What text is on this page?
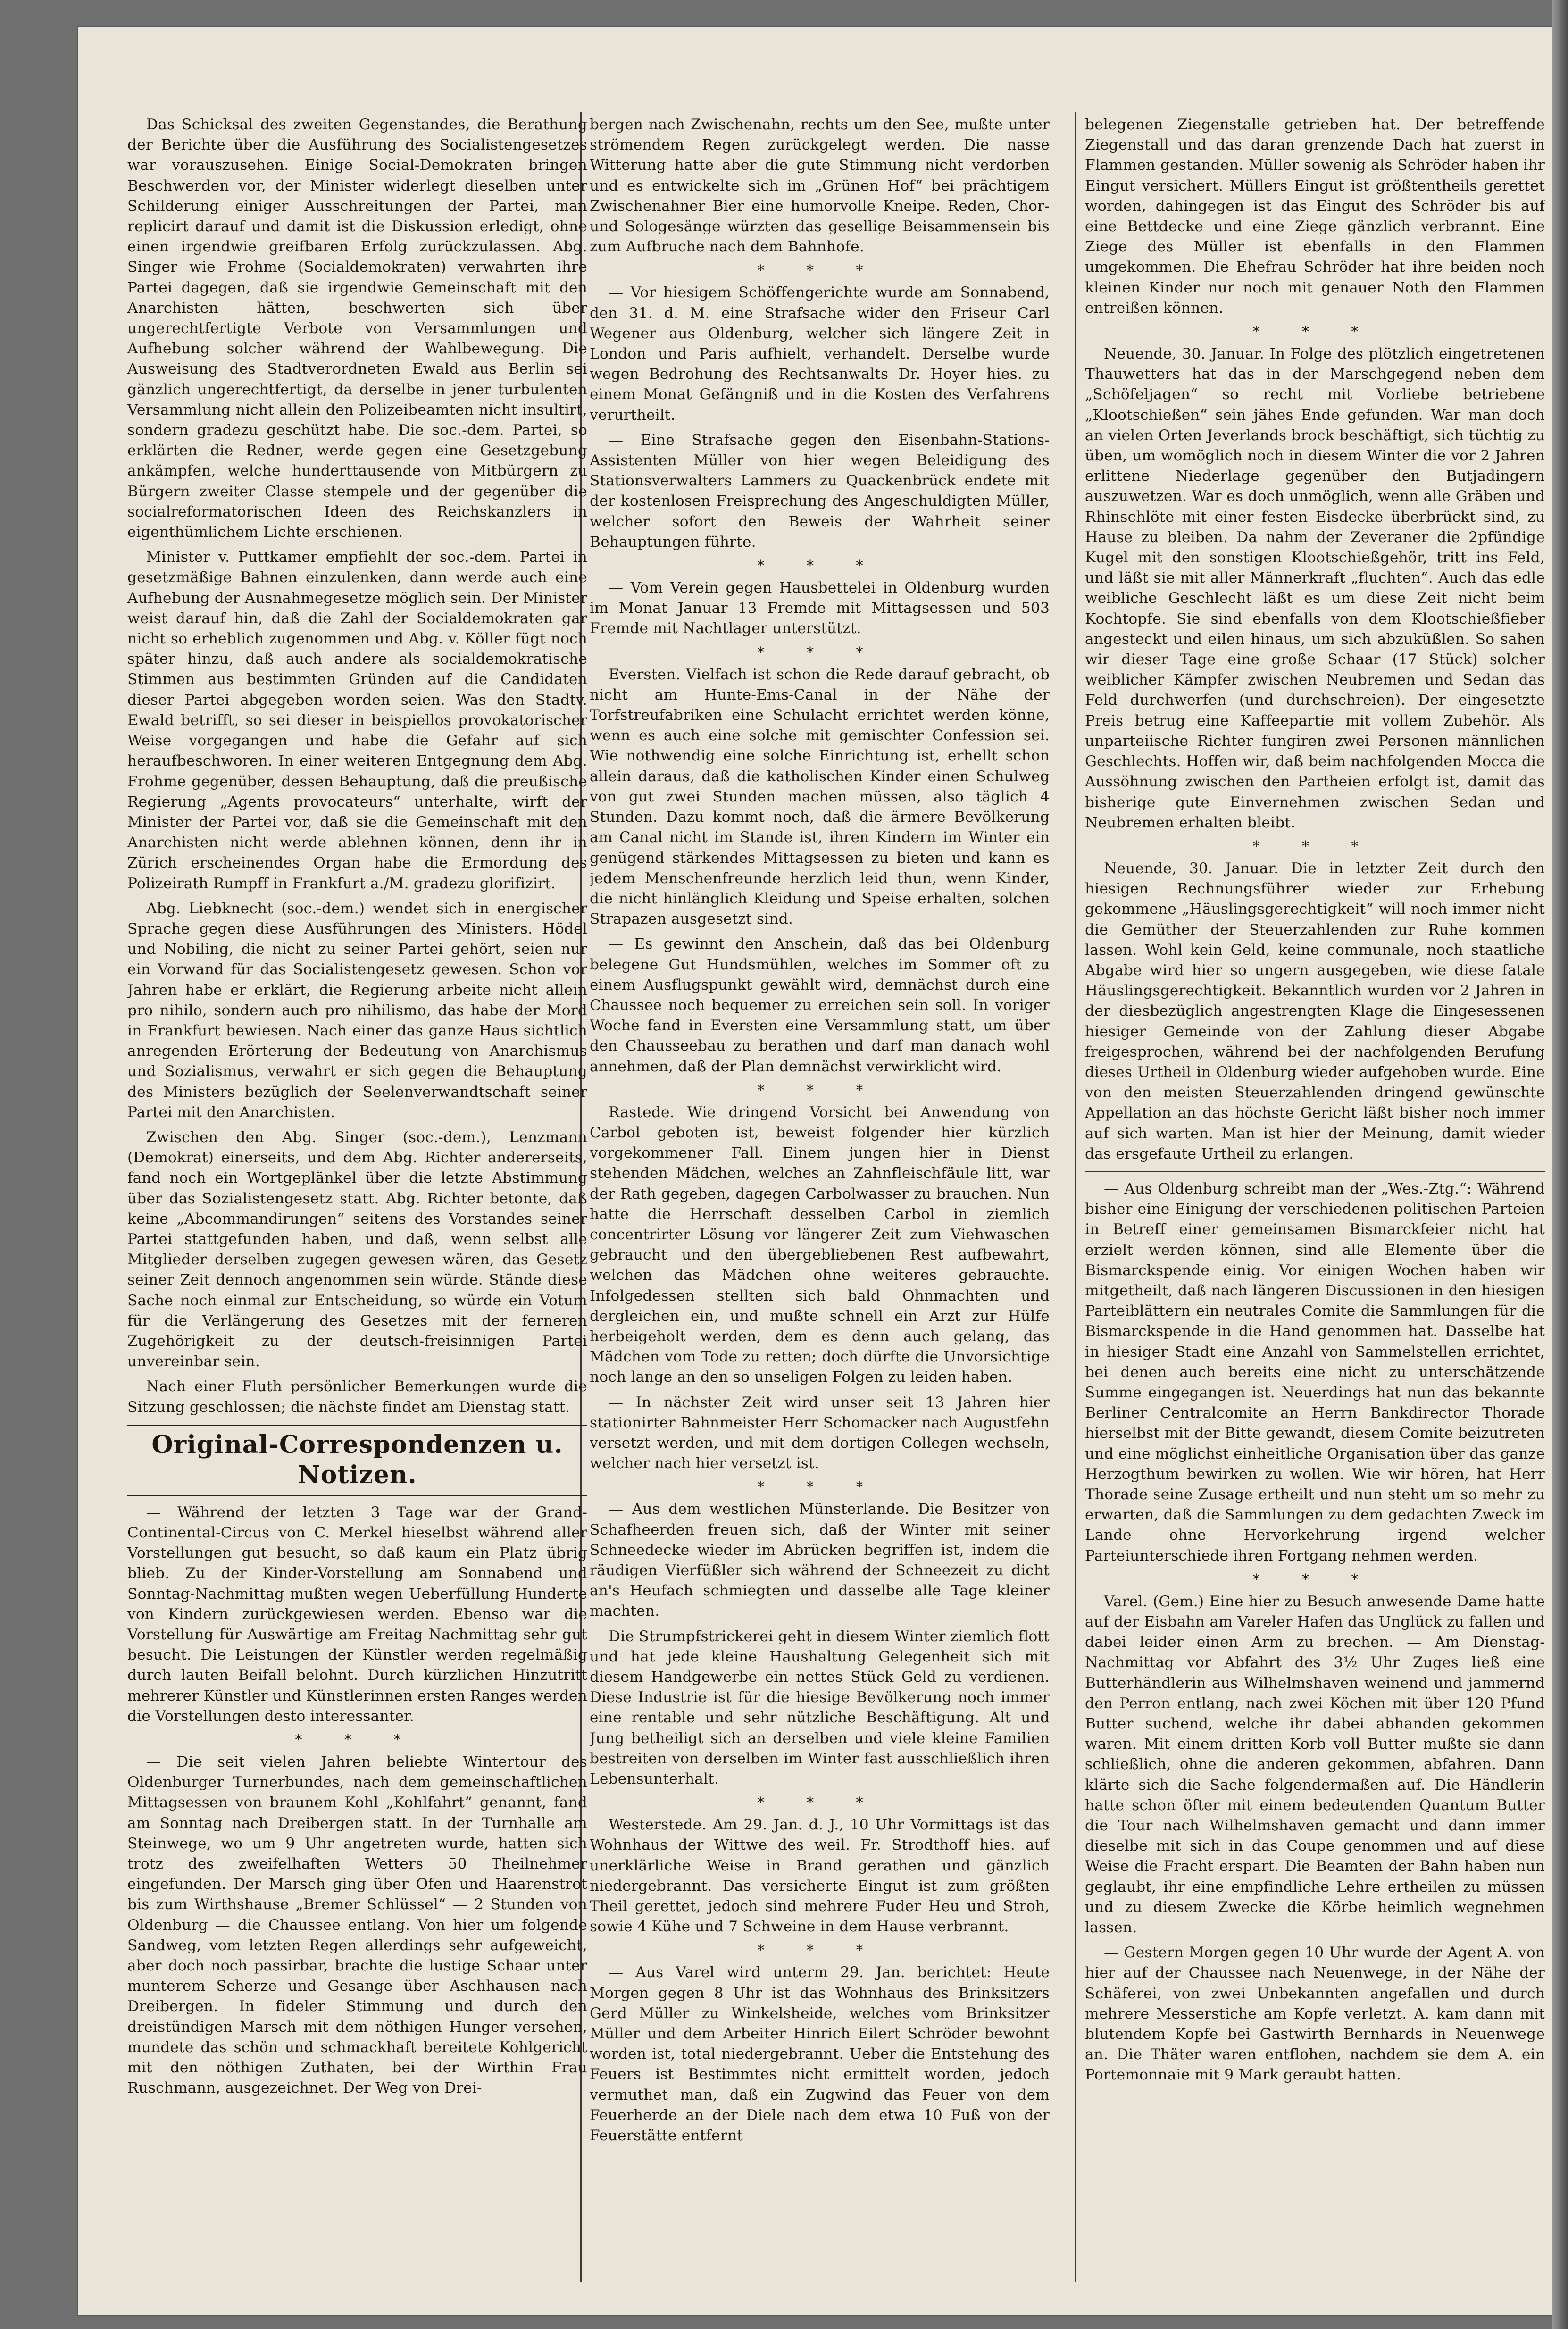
Das Schicksal des zweiten Gegenstandes, die Berathung der Berichte über die Ausführung des Socialistengesetzes war vorauszusehen. Einige Social-Demokraten bringen Beschwerden vor, der Minister widerlegt dieselben unter Schilderung einiger Ausschreitungen der Partei, man replicirt darauf und damit ist die Diskussion erledigt, ohne einen irgendwie greifbaren Erfolg zurückzulassen. Abg. Singer wie Frohme (Socialdemokraten) verwahrten ihre Partei dagegen, daß sie irgendwie Gemeinschaft mit den Anarchisten hätten, beschwerten sich über ungerechtfertigte Verbote von Versammlungen und Aufhebung solcher während der Wahlbewegung. Die Ausweisung des Stadtverordneten Ewald aus Berlin sei gänzlich ungerechtfertigt, da derselbe in jener turbulenten Versammlung nicht allein den Polizeibeamten nicht insultirt, sondern gradezu geschützt habe. Die soc.-dem. Partei, so erklärten die Redner, werde gegen eine Gesetzgebung ankämpfen, welche hunderttausende von Mitbürgern zu Bürgern zweiter Classe stempele und der gegenüber die socialreformatorischen Ideen des Reichskanzlers in eigenthümlichem Lichte erschienen.

Minister v. Puttkamer empfiehlt der soc.-dem. Partei in gesetzmäßige Bahnen einzulenken, dann werde auch eine Aufhebung der Ausnahmegesetze möglich sein. Der Minister weist darauf hin, daß die Zahl der Socialdemokraten gar nicht so erheblich zugenommen und Abg. v. Köller fügt noch später hinzu, daß auch andere als socialdemokratische Stimmen aus bestimmten Gründen auf die Candidaten dieser Partei abgegeben worden seien. Was den Stadtv. Ewald betrifft, so sei dieser in beispiellos provokatorischer Weise vorgegangen und habe die Gefahr auf sich heraufbeschworen. In einer weiteren Entgegnung dem Abg. Frohme gegenüber, dessen Behauptung, daß die preußische Regierung „Agents provocateurs“ unterhalte, wirft der Minister der Partei vor, daß sie die Gemeinschaft mit den Anarchisten nicht werde ablehnen können, denn ihr in Zürich erscheinendes Organ habe die Ermordung des Polizeirath Rumpff in Frankfurt a./M. gradezu glorifizirt.

Abg. Liebknecht (soc.-dem.) wendet sich in energischer Sprache gegen diese Ausführungen des Ministers. Hödel und Nobiling, die nicht zu seiner Partei gehört, seien nur ein Vorwand für das Socialistengesetz gewesen. Schon vor Jahren habe er erklärt, die Regierung arbeite nicht allein pro nihilo, sondern auch pro nihilismo, das habe der Mord in Frankfurt bewiesen. Nach einer das ganze Haus sichtlich anregenden Erörterung der Bedeutung von Anarchismus und Sozialismus, verwahrt er sich gegen die Behauptung des Ministers bezüglich der Seelenverwandtschaft seiner Partei mit den Anarchisten.

Zwischen den Abg. Singer (soc.-dem.), Lenzmann (Demokrat) einerseits, und dem Abg. Richter andererseits, fand noch ein Wortgeplänkel über die letzte Abstimmung über das Sozialistengesetz statt. Abg. Richter betonte, daß keine „Abcommandirungen“ seitens des Vorstandes seiner Partei stattgefunden haben, und daß, wenn selbst alle Mitglieder derselben zugegen gewesen wären, das Gesetz seiner Zeit dennoch angenommen sein würde. Stände diese Sache noch einmal zur Entscheidung, so würde ein Votum für die Verlängerung des Gesetzes mit der ferneren Zugehörigkeit zu der deutsch-freisinnigen Partei unvereinbar sein.

Nach einer Fluth persönlicher Bemerkungen wurde die Sitzung geschlossen; die nächste findet am Dienstag statt.

Original-Correspondenzen u. Notizen.

— Während der letzten 3 Tage war der Grand-Continental-Circus von C. Merkel hieselbst während aller Vorstellungen gut besucht, so daß kaum ein Platz übrig blieb. Zu der Kinder-Vorstellung am Sonnabend und Sonntag-Nachmittag mußten wegen Ueberfüllung Hunderte von Kindern zurückgewiesen werden. Ebenso war die Vorstellung für Auswärtige am Freitag Nachmittag sehr gut besucht. Die Leistungen der Künstler werden regelmäßig durch lauten Beifall belohnt. Durch kürzlichen Hinzutritt mehrerer Künstler und Künstlerinnen ersten Ranges werden die Vorstellungen desto interessanter.

* * *

— Die seit vielen Jahren beliebte Wintertour des Oldenburger Turnerbundes, nach dem gemeinschaftlichen Mittagsessen von braunem Kohl „Kohlfahrt“ genannt, fand am Sonntag nach Dreibergen statt. In der Turnhalle am Steinwege, wo um 9 Uhr angetreten wurde, hatten sich trotz des zweifelhaften Wetters 50 Theilnehmer eingefunden. Der Marsch ging über Ofen und Haarenstrot bis zum Wirthshause „Bremer Schlüssel“ — 2 Stunden von Oldenburg — die Chaussee entlang. Von hier um folgende Sandweg, vom letzten Regen allerdings sehr aufgeweicht, aber doch noch passirbar, brachte die lustige Schaar unter munterem Scherze und Gesange über Aschhausen nach Dreibergen. In fideler Stimmung und durch den dreistündigen Marsch mit dem nöthigen Hunger versehen, mundete das schön und schmackhaft bereitete Kohlgericht mit den nöthigen Zuthaten, bei der Wirthin Frau Ruschmann, ausgezeichnet. Der Weg von Drei-

bergen nach Zwischenahn, rechts um den See, mußte unter strömendem Regen zurückgelegt werden. Die nasse Witterung hatte aber die gute Stimmung nicht verdorben und es entwickelte sich im „Grünen Hof“ bei prächtigem Zwischenahner Bier eine humorvolle Kneipe. Reden, Chor- und Sologesänge würzten das gesellige Beisammensein bis zum Aufbruche nach dem Bahnhofe.

* * *

— Vor hiesigem Schöffengerichte wurde am Sonnabend, den 31. d. M. eine Strafsache wider den Friseur Carl Wegener aus Oldenburg, welcher sich längere Zeit in London und Paris aufhielt, verhandelt. Derselbe wurde wegen Bedrohung des Rechtsanwalts Dr. Hoyer hies. zu einem Monat Gefängniß und in die Kosten des Verfahrens verurtheilt.

— Eine Strafsache gegen den Eisenbahn-Stations-Assistenten Müller von hier wegen Beleidigung des Stationsverwalters Lammers zu Quackenbrück endete mit der kostenlosen Freisprechung des Angeschuldigten Müller, welcher sofort den Beweis der Wahrheit seiner Behauptungen führte.

* * *

— Vom Verein gegen Hausbettelei in Oldenburg wurden im Monat Januar 13 Fremde mit Mittagsessen und 503 Fremde mit Nachtlager unterstützt.

* * *

Eversten. Vielfach ist schon die Rede darauf gebracht, ob nicht am Hunte-Ems-Canal in der Nähe der Torfstreufabriken eine Schulacht errichtet werden könne, wenn es auch eine solche mit gemischter Confession sei. Wie nothwendig eine solche Einrichtung ist, erhellt schon allein daraus, daß die katholischen Kinder einen Schulweg von gut zwei Stunden machen müssen, also täglich 4 Stunden. Dazu kommt noch, daß die ärmere Bevölkerung am Canal nicht im Stande ist, ihren Kindern im Winter ein genügend stärkendes Mittagsessen zu bieten und kann es jedem Menschenfreunde herzlich leid thun, wenn Kinder, die nicht hinlänglich Kleidung und Speise erhalten, solchen Strapazen ausgesetzt sind.

— Es gewinnt den Anschein, daß das bei Oldenburg belegene Gut Hundsmühlen, welches im Sommer oft zu einem Ausflugspunkt gewählt wird, demnächst durch eine Chaussee noch bequemer zu erreichen sein soll. In voriger Woche fand in Eversten eine Versammlung statt, um über den Chausseebau zu berathen und darf man danach wohl annehmen, daß der Plan demnächst verwirklicht wird.

* * *

Rastede. Wie dringend Vorsicht bei Anwendung von Carbol geboten ist, beweist folgender hier kürzlich vorgekommener Fall. Einem jungen hier in Dienst stehenden Mädchen, welches an Zahnfleischfäule litt, war der Rath gegeben, dagegen Carbolwasser zu brauchen. Nun hatte die Herrschaft desselben Carbol in ziemlich concentrirter Lösung vor längerer Zeit zum Viehwaschen gebraucht und den übergebliebenen Rest aufbewahrt, welchen das Mädchen ohne weiteres gebrauchte. Infolgedessen stellten sich bald Ohnmachten und dergleichen ein, und mußte schnell ein Arzt zur Hülfe herbeigeholt werden, dem es denn auch gelang, das Mädchen vom Tode zu retten; doch dürfte die Unvorsichtige noch lange an den so unseligen Folgen zu leiden haben.

— In nächster Zeit wird unser seit 13 Jahren hier stationirter Bahnmeister Herr Schomacker nach Augustfehn versetzt werden, und mit dem dortigen Collegen wechseln, welcher nach hier versetzt ist.

* * *

— Aus dem westlichen Münsterlande. Die Besitzer von Schafheerden freuen sich, daß der Winter mit seiner Schneedecke wieder im Abrücken begriffen ist, indem die räudigen Vierfüßler sich während der Schneezeit zu dicht an's Heufach schmiegten und dasselbe alle Tage kleiner machten.

Die Strumpfstrickerei geht in diesem Winter ziemlich flott und hat jede kleine Haushaltung Gelegenheit sich mit diesem Handgewerbe ein nettes Stück Geld zu verdienen. Diese Industrie ist für die hiesige Bevölkerung noch immer eine rentable und sehr nützliche Beschäftigung. Alt und Jung betheiligt sich an derselben und viele kleine Familien bestreiten von derselben im Winter fast ausschließlich ihren Lebensunterhalt.

* * *

Westerstede. Am 29. Jan. d. J., 10 Uhr Vormittags ist das Wohnhaus der Wittwe des weil. Fr. Strodthoff hies. auf unerklärliche Weise in Brand gerathen und gänzlich niedergebrannt. Das versicherte Eingut ist zum größten Theil gerettet, jedoch sind mehrere Fuder Heu und Stroh, sowie 4 Kühe und 7 Schweine in dem Hause verbrannt.

* * *

— Aus Varel wird unterm 29. Jan. berichtet: Heute Morgen gegen 8 Uhr ist das Wohnhaus des Brinksitzers Gerd Müller zu Winkelsheide, welches vom Brinksitzer Müller und dem Arbeiter Hinrich Eilert Schröder bewohnt worden ist, total niedergebrannt. Ueber die Entstehung des Feuers ist Bestimmtes nicht ermittelt worden, jedoch vermuthet man, daß ein Zugwind das Feuer von dem Feuerherde an der Diele nach dem etwa 10 Fuß von der Feuerstätte entfernt

belegenen Ziegenstalle getrieben hat. Der betreffende Ziegenstall und das daran grenzende Dach hat zuerst in Flammen gestanden. Müller sowenig als Schröder haben ihr Eingut versichert. Müllers Eingut ist größtentheils gerettet worden, dahingegen ist das Eingut des Schröder bis auf eine Bettdecke und eine Ziege gänzlich verbrannt. Eine Ziege des Müller ist ebenfalls in den Flammen umgekommen. Die Ehefrau Schröder hat ihre beiden noch kleinen Kinder nur noch mit genauer Noth den Flammen entreißen können.

* * *

Neuende, 30. Januar. In Folge des plötzlich eingetretenen Thauwetters hat das in der Marschgegend neben dem „Schöfeljagen“ so recht mit Vorliebe betriebene „Klootschießen“ sein jähes Ende gefunden. War man doch an vielen Orten Jeverlands brock beschäftigt, sich tüchtig zu üben, um womöglich noch in diesem Winter die vor 2 Jahren erlittene Niederlage gegenüber den Butjadingern auszuwetzen. War es doch unmöglich, wenn alle Gräben und Rhinschlöte mit einer festen Eisdecke überbrückt sind, zu Hause zu bleiben. Da nahm der Zeveraner die 2pfündige Kugel mit den sonstigen Klootschießgehör, tritt ins Feld, und läßt sie mit aller Männerkraft „fluchten“. Auch das edle weibliche Geschlecht läßt es um diese Zeit nicht beim Kochtopfe. Sie sind ebenfalls von dem Klootschießfieber angesteckt und eilen hinaus, um sich abzuküßlen. So sahen wir dieser Tage eine große Schaar (17 Stück) solcher weiblicher Kämpfer zwischen Neubremen und Sedan das Feld durchwerfen (und durchschreien). Der eingesetzte Preis betrug eine Kaffeepartie mit vollem Zubehör. Als unparteiische Richter fungiren zwei Personen männlichen Geschlechts. Hoffen wir, daß beim nachfolgenden Mocca die Aussöhnung zwischen den Partheien erfolgt ist, damit das bisherige gute Einvernehmen zwischen Sedan und Neubremen erhalten bleibt.

* * *

Neuende, 30. Januar. Die in letzter Zeit durch den hiesigen Rechnungsführer wieder zur Erhebung gekommene „Häuslingsgerechtigkeit“ will noch immer nicht die Gemüther der Steuerzahlenden zur Ruhe kommen lassen. Wohl kein Geld, keine communale, noch staatliche Abgabe wird hier so ungern ausgegeben, wie diese fatale Häuslingsgerechtigkeit. Bekanntlich wurden vor 2 Jahren in der diesbezüglich angestrengten Klage die Eingesessenen hiesiger Gemeinde von der Zahlung dieser Abgabe freigesprochen, während bei der nachfolgenden Berufung dieses Urtheil in Oldenburg wieder aufgehoben wurde. Eine von den meisten Steuerzahlenden dringend gewünschte Appellation an das höchste Gericht läßt bisher noch immer auf sich warten. Man ist hier der Meinung, damit wieder das ersgefaute Urtheil zu erlangen.

— Aus Oldenburg schreibt man der „Wes.-Ztg.“: Während bisher eine Einigung der verschiedenen politischen Parteien in Betreff einer gemeinsamen Bismarckfeier nicht hat erzielt werden können, sind alle Elemente über die Bismarckspende einig. Vor einigen Wochen haben wir mitgetheilt, daß nach längeren Discussionen in den hiesigen Parteiblättern ein neutrales Comite die Sammlungen für die Bismarckspende in die Hand genommen hat. Dasselbe hat in hiesiger Stadt eine Anzahl von Sammelstellen errichtet, bei denen auch bereits eine nicht zu unterschätzende Summe eingegangen ist. Neuerdings hat nun das bekannte Berliner Centralcomite an Herrn Bankdirector Thorade hierselbst mit der Bitte gewandt, diesem Comite beizutreten und eine möglichst einheitliche Organisation über das ganze Herzogthum bewirken zu wollen. Wie wir hören, hat Herr Thorade seine Zusage ertheilt und nun steht um so mehr zu erwarten, daß die Sammlungen zu dem gedachten Zweck im Lande ohne Hervorkehrung irgend welcher Parteiunterschiede ihren Fortgang nehmen werden.

* * *

Varel. (Gem.) Eine hier zu Besuch anwesende Dame hatte auf der Eisbahn am Vareler Hafen das Unglück zu fallen und dabei leider einen Arm zu brechen. — Am Dienstag-Nachmittag vor Abfahrt des 3½ Uhr Zuges ließ eine Butterhändlerin aus Wilhelmshaven weinend und jammernd den Perron entlang, nach zwei Köchen mit über 120 Pfund Butter suchend, welche ihr dabei abhanden gekommen waren. Mit einem dritten Korb voll Butter mußte sie dann schließlich, ohne die anderen gekommen, abfahren. Dann klärte sich die Sache folgendermaßen auf. Die Händlerin hatte schon öfter mit einem bedeutenden Quantum Butter die Tour nach Wilhelmshaven gemacht und dann immer dieselbe mit sich in das Coupe genommen und auf diese Weise die Fracht erspart. Die Beamten der Bahn haben nun geglaubt, ihr eine empfindliche Lehre ertheilen zu müssen und zu diesem Zwecke die Körbe heimlich wegnehmen lassen.

— Gestern Morgen gegen 10 Uhr wurde der Agent A. von hier auf der Chaussee nach Neuenwege, in der Nähe der Schäferei, von zwei Unbekannten angefallen und durch mehrere Messerstiche am Kopfe verletzt. A. kam dann mit blutendem Kopfe bei Gastwirth Bernhards in Neuenwege an. Die Thäter waren entflohen, nachdem sie dem A. ein Portemonnaie mit 9 Mark geraubt hatten.
